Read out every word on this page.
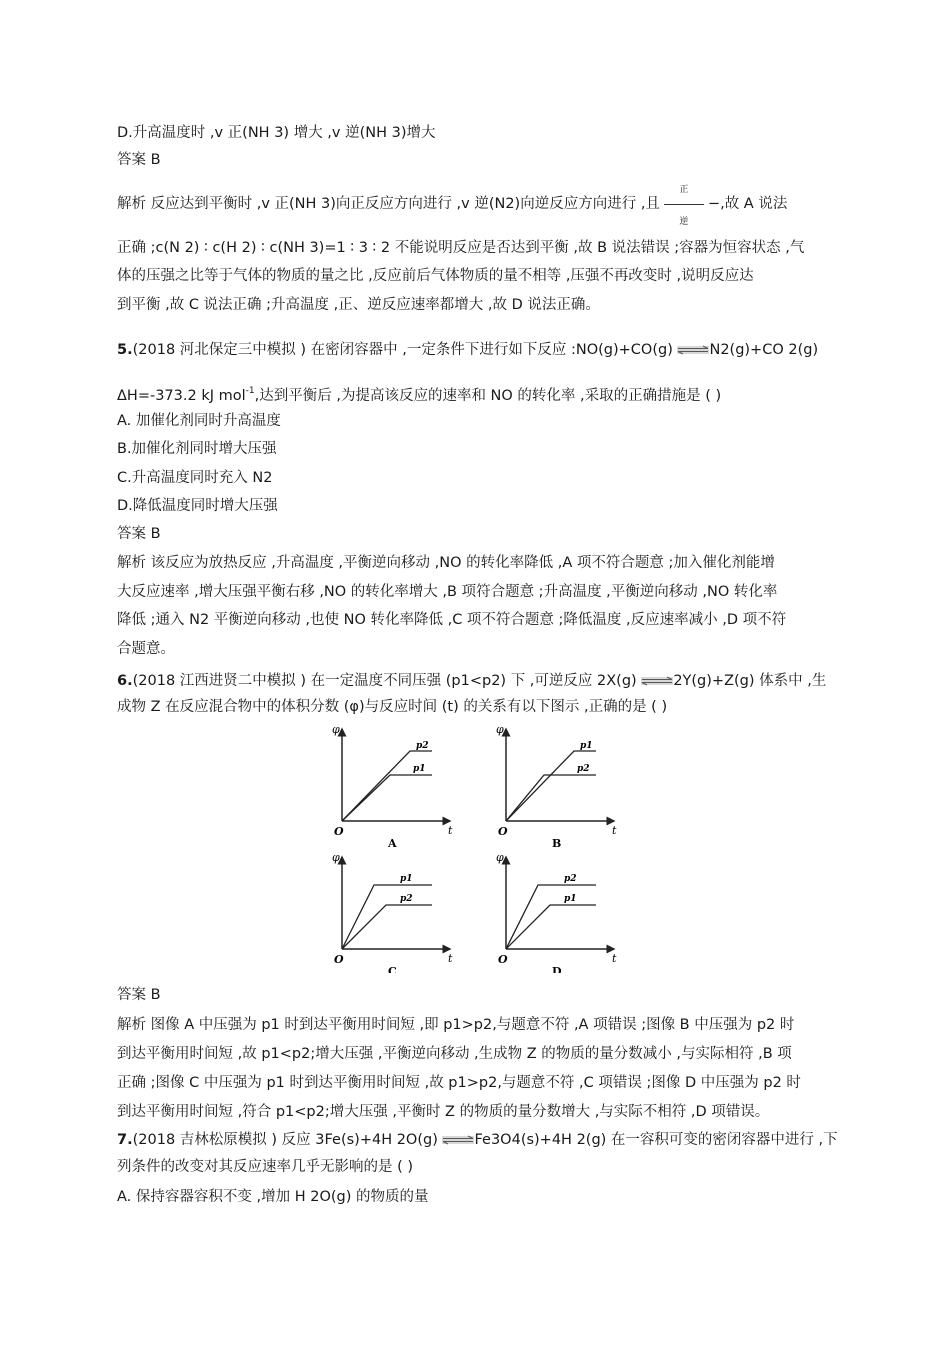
D.升高温度时 ,v 正(NH 3) 增大 ,v 逆(NH 3)增大
答案 B
解析 反应达到平衡时 ,v 正(NH 3)向正反应方向进行 ,v 逆(N2)向逆反应方向进行 ,且 $\frac{\text{正}}{\text{逆}}$ −,故 A 说法
正确 ;c(N 2) ∶ c(H 2) ∶ c(NH 3)=1 ∶ 3 ∶ 2 不能说明反应是否达到平衡 ,故 B 说法错误 ;容器为恒容状态 ,气
体的压强之比等于气体的物质的量之比 ,反应前后气体物质的量不相等 ,压强不再改变时 ,说明反应达
到平衡 ,故 C 说法正确 ;升高温度 ,正、逆反应速率都增大 ,故 D 说法正确。
5.(2018 河北保定三中模拟 ) 在密闭容器中 ,一定条件下进行如下反应 :NO(g)+CO(g)	N2(g)+CO 2(g)
ΔH=-373.2 kJ mol$^{-1}$,达到平衡后 ,为提高该反应的速率和 NO 的转化率 ,采取的正确措施是 ( )
A. 加催化剂同时升高温度
B.加催化剂同时增大压强
C.升高温度同时充入 N2
D.降低温度同时增大压强
答案 B
解析 该反应为放热反应 ,升高温度 ,平衡逆向移动 ,NO 的转化率降低 ,A 项不符合题意 ;加入催化剂能增
大反应速率 ,增大压强平衡右移 ,NO 的转化率增大 ,B 项符合题意 ;升高温度 ,平衡逆向移动 ,NO 转化率
降低 ;通入 N2 平衡逆向移动 ,也使 NO 转化率降低 ,C 项不符合题意 ;降低温度 ,反应速率减小 ,D 项不符
合题意。
6.(2018 江西进贤二中模拟 ) 在一定温度不同压强 (p1<p2) 下 ,可逆反应 2X(g)	2Y(g)+Z(g) 体系中 ,生
成物 Z 在反应混合物中的体积分数 (φ)与反应时间 (t) 的关系有以下图示 ,正确的是 ( )
φ
t
O
p2
p1
A
φ
t
O
p1
p2
B
φ
t
O
p1
p2
C
φ
t
O
p2
p1
D
答案 B
解析 图像 A 中压强为 p1 时到达平衡用时间短 ,即 p1>p2,与题意不符 ,A 项错误 ;图像 B 中压强为 p2 时
到达平衡用时间短 ,故 p1<p2;增大压强 ,平衡逆向移动 ,生成物 Z 的物质的量分数减小 ,与实际相符 ,B 项
正确 ;图像 C 中压强为 p1 时到达平衡用时间短 ,故 p1>p2,与题意不符 ,C 项错误 ;图像 D 中压强为 p2 时
到达平衡用时间短 ,符合 p1<p2;增大压强 ,平衡时 Z 的物质的量分数增大 ,与实际不相符 ,D 项错误。
7.(2018 吉林松原模拟 ) 反应 3Fe(s)+4H 2O(g)	Fe3O4(s)+4H 2(g) 在一容积可变的密闭容器中进行 ,下
列条件的改变对其反应速率几乎无影响的是 ( )
A. 保持容器容积不变 ,增加 H 2O(g) 的物质的量
